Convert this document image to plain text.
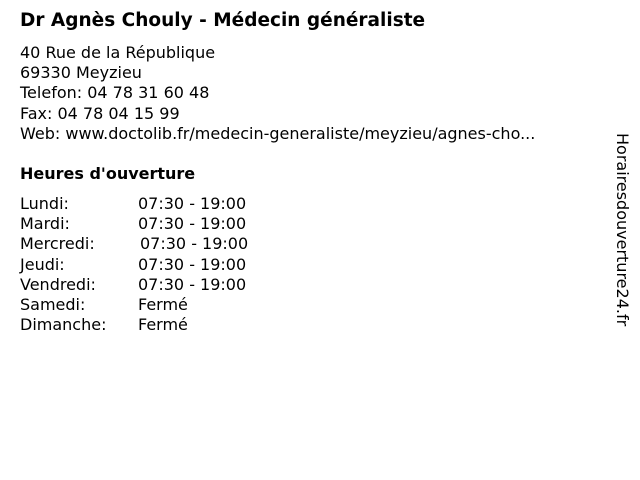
Dr Agnès Chouly - Médecin généraliste
40 Rue de la République
69330 Meyzieu
Telefon: 04 78 31 60 48
Fax: 04 78 04 15 99
Web: www.doctolib.fr/medecin-generaliste/meyzieu/agnes-cho...
Heures d'ouverture
Lundi:	07:30 - 19:00
Mardi:	07:30 - 19:00
Mercredi:	07:30 - 19:00
Jeudi:	07:30 - 19:00
Vendredi:	07:30 - 19:00
Samedi:	Fermé
Dimanche: Fermé	Horairesdouverture24.fr
